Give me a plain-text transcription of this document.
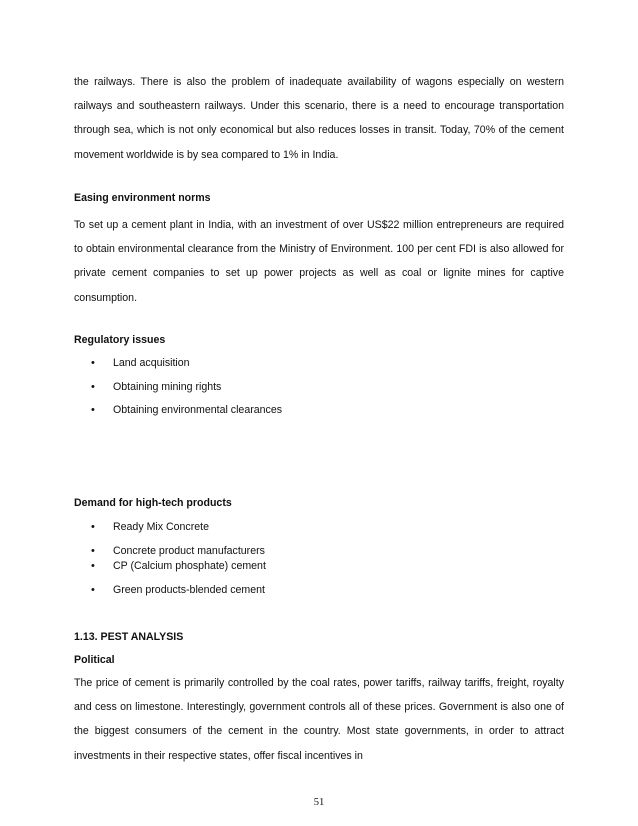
the railways. There is also the problem of inadequate availability of wagons especially on western railways and southeastern railways. Under this scenario, there is a need to encourage transportation through sea, which is not only economical but also reduces losses in transit. Today, 70% of the cement movement worldwide is by sea compared to 1% in India.
Easing environment norms
To set up a cement plant in India, with an investment of over US$22 million entrepreneurs are required to obtain environmental clearance from the Ministry of Environment. 100 per cent FDI is also allowed for private cement companies to set up power projects as well as coal or lignite mines for captive consumption.
Regulatory issues
Land acquisition
Obtaining mining rights
Obtaining environmental clearances
Demand for high-tech products
Ready Mix Concrete
Concrete product manufacturers
CP (Calcium phosphate) cement
Green products-blended cement
1.13. PEST ANALYSIS
Political
The price of cement is primarily controlled by the coal rates, power tariffs, railway tariffs, freight, royalty and cess on limestone. Interestingly, government controls all of these prices. Government is also one of the biggest consumers of the cement in the country. Most state governments, in order to attract investments in their respective states, offer fiscal incentives in
51
